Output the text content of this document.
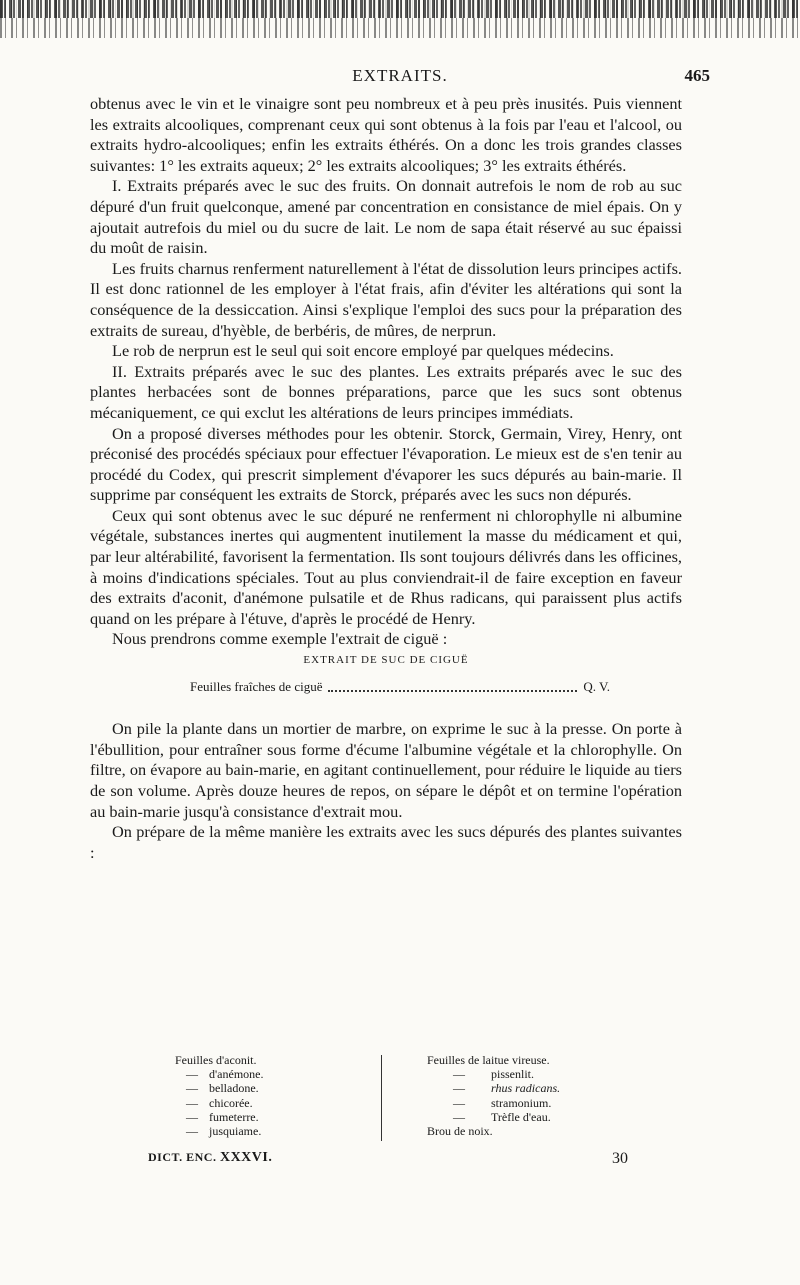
EXTRAITS.	465

obtenus avec le vin et le vinaigre sont peu nombreux et à peu près inusités. Puis viennent les extraits alcooliques, comprenant ceux qui sont obtenus à la fois par l'eau et l'alcool, ou extraits hydro-alcooliques; enfin les extraits éthérés. On a donc les trois grandes classes suivantes: 1° les extraits aqueux; 2° les extraits alcooliques; 3° les extraits éthérés.

I. Extraits préparés avec le suc des fruits. On donnait autrefois le nom de rob au suc dépuré d'un fruit quelconque, amené par concentration en consistance de miel épais. On y ajoutait autrefois du miel ou du sucre de lait. Le nom de sapa était réservé au suc épaissi du moût de raisin.

Les fruits charnus renferment naturellement à l'état de dissolution leurs principes actifs. Il est donc rationnel de les employer à l'état frais, afin d'éviter les altérations qui sont la conséquence de la dessiccation. Ainsi s'explique l'emploi des sucs pour la préparation des extraits de sureau, d'hyèble, de berbéris, de mûres, de nerprun.

Le rob de nerprun est le seul qui soit encore employé par quelques médecins.

II. Extraits préparés avec le suc des plantes. Les extraits préparés avec le suc des plantes herbacées sont de bonnes préparations, parce que les sucs sont obtenus mécaniquement, ce qui exclut les altérations de leurs principes immédiats.

On a proposé diverses méthodes pour les obtenir. Storck, Germain, Virey, Henry, ont préconisé des procédés spéciaux pour effectuer l'évaporation. Le mieux est de s'en tenir au procédé du Codex, qui prescrit simplement d'évaporer les sucs dépurés au bain-marie. Il supprime par conséquent les extraits de Storck, préparés avec les sucs non dépurés.

Ceux qui sont obtenus avec le suc dépuré ne renferment ni chlorophylle ni albumine végétale, substances inertes qui augmentent inutilement la masse du médicament et qui, par leur altérabilité, favorisent la fermentation. Ils sont toujours délivrés dans les officines, à moins d'indications spéciales. Tout au plus conviendrait-il de faire exception en faveur des extraits d'aconit, d'anémone pulsatile et de Rhus radicans, qui paraissent plus actifs quand on les prépare à l'étuve, d'après le procédé de Henry.

Nous prendrons comme exemple l'extrait de ciguë :

EXTRAIT DE SUC DE CIGUË

Feuilles fraîches de ciguë	Q. V.

On pile la plante dans un mortier de marbre, on exprime le suc à la presse. On porte à l'ébullition, pour entraîner sous forme d'écume l'albumine végétale et la chlorophylle. On filtre, on évapore au bain-marie, en agitant continuellement, pour réduire le liquide au tiers de son volume. Après douze heures de repos, on sépare le dépôt et on termine l'opération au bain-marie jusqu'à consistance d'extrait mou.

On prépare de la même manière les extraits avec les sucs dépurés des plantes suivantes :

Feuilles d'aconit.
— d'anémone.
— belladone.
— chicorée.
— fumeterre.
— jusquiame.
Feuilles de laitue vireuse.
— pissenlit.
— rhus radicans.
— stramonium.
— Trèfle d'eau.
Brou de noix.
DICT. ENC. XXXVI.	30
